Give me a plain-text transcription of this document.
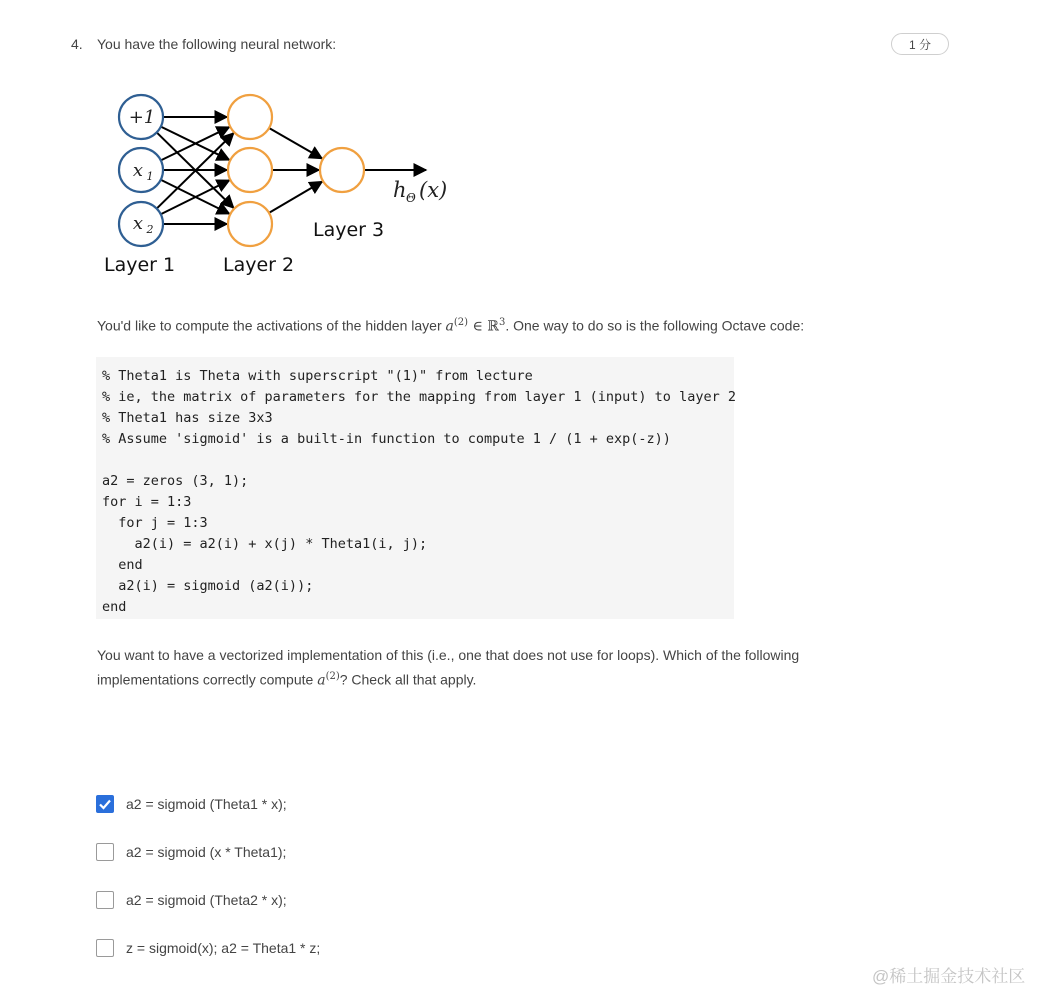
4. You have the following neural network:	1 分
+1
x 1
x 2
h Θ (x)
Layer 1	Layer 2
Layer 3
You'd like to compute the activations of the hidden layer $a^{(2)}$ ∈ ℝ$^3$. One way to do so is the following Octave code:
% Theta1 is Theta with superscript "(1)" from lecture
% ie, the matrix of parameters for the mapping from layer 1 (input) to layer 2
% Theta1 has size 3x3
% Assume 'sigmoid' is a built-in function to compute 1 / (1 + exp(-z))
a2 = zeros (3, 1);
for i = 1:3
for j = 1:3
a2(i) = a2(i) + x(j) * Theta1(i, j);
end
a2(i) = sigmoid (a2(i));
end
You want to have a vectorized implementation of this (i.e., one that does not use for loops). Which of the following implementations correctly compute $a^{(2)}$? Check all that apply.
a2 = sigmoid (Theta1 * x);
a2 = sigmoid (x * Theta1);
a2 = sigmoid (Theta2 * x);
z = sigmoid(x); a2 = Theta1 * z;
@稀土掘金技术社区
